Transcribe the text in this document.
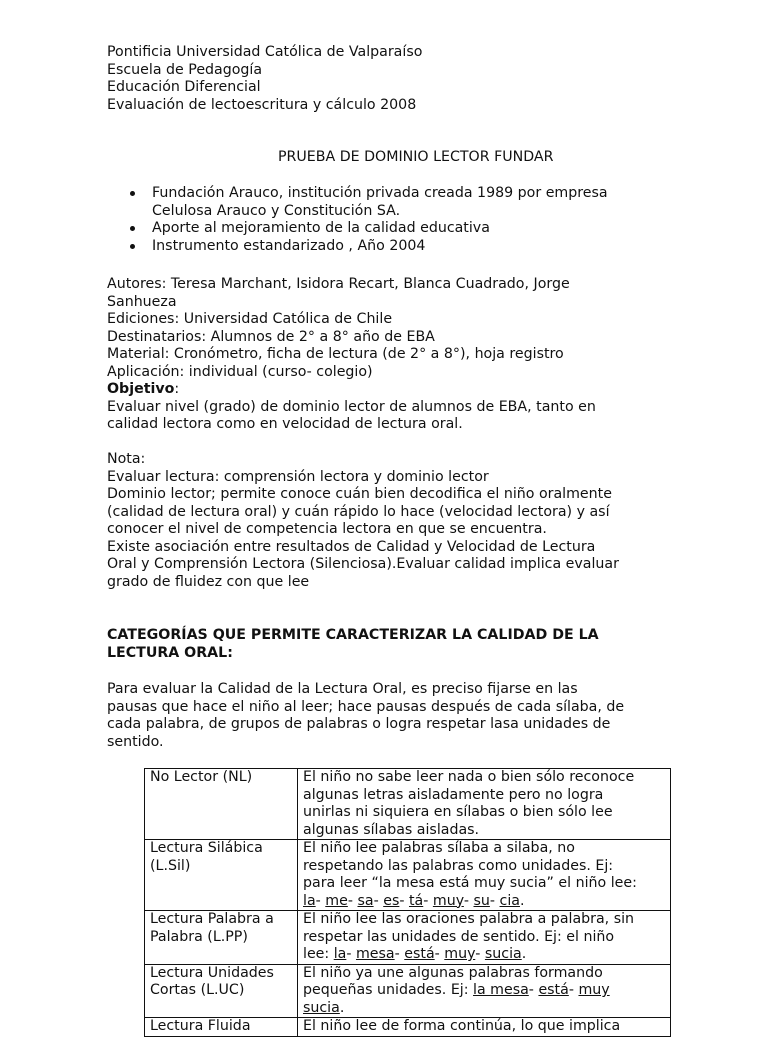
Pontificia Universidad Católica de Valparaíso
Escuela de Pedagogía
Educación Diferencial
Evaluación de lectoescritura y cálculo 2008
PRUEBA DE DOMINIO LECTOR FUNDAR
Fundación Arauco, institución privada creada 1989 por empresa
Celulosa Arauco y Constitución SA.
Aporte al mejoramiento de la calidad educativa
Instrumento estandarizado , Año 2004
Autores: Teresa Marchant, Isidora Recart, Blanca Cuadrado, Jorge
Sanhueza
Ediciones: Universidad Católica de Chile
Destinatarios: Alumnos de 2° a 8° año de EBA
Material: Cronómetro, ficha de lectura (de 2° a 8°), hoja registro
Aplicación: individual (curso- colegio)
Objetivo:
Evaluar nivel (grado) de dominio lector de alumnos de EBA, tanto en
calidad lectora como en velocidad de lectura oral.
Nota:
Evaluar lectura: comprensión lectora y dominio lector
Dominio lector; permite conoce cuán bien decodifica el niño oralmente
(calidad de lectura oral) y cuán rápido lo hace (velocidad lectora) y así
conocer el nivel de competencia lectora en que se encuentra.
Existe asociación entre resultados de Calidad y Velocidad de Lectura
Oral y Comprensión Lectora (Silenciosa).Evaluar calidad implica evaluar
grado de fluidez con que lee
CATEGORÍAS QUE PERMITE CARACTERIZAR LA CALIDAD DE LA
LECTURA ORAL:
Para evaluar la Calidad de la Lectura Oral, es preciso fijarse en las
pausas que hace el niño al leer; hace pausas después de cada sílaba, de
cada palabra, de grupos de palabras o logra respetar lasa unidades de
sentido.
No Lector (NL)	El niño no sabe leer nada o bien sólo reconoce
algunas letras aisladamente pero no logra
unirlas ni siquiera en sílabas o bien sólo lee
algunas sílabas aisladas.

Lectura Silábica
(L.Sil)	El niño lee palabras sílaba a silaba, no
respetando las palabras como unidades. Ej:
para leer “la mesa está muy sucia” el niño lee:
la- me- sa- es- tá- muy- su- cia.

Lectura Palabra a
Palabra (L.PP)	El niño lee las oraciones palabra a palabra, sin
respetar las unidades de sentido. Ej: el niño
lee: la- mesa- está- muy- sucia.

Lectura Unidades
Cortas (L.UC)	El niño ya une algunas palabras formando
pequeñas unidades. Ej: la mesa- está- muy
sucia.

Lectura Fluida	El niño lee de forma continúa, lo que implica
